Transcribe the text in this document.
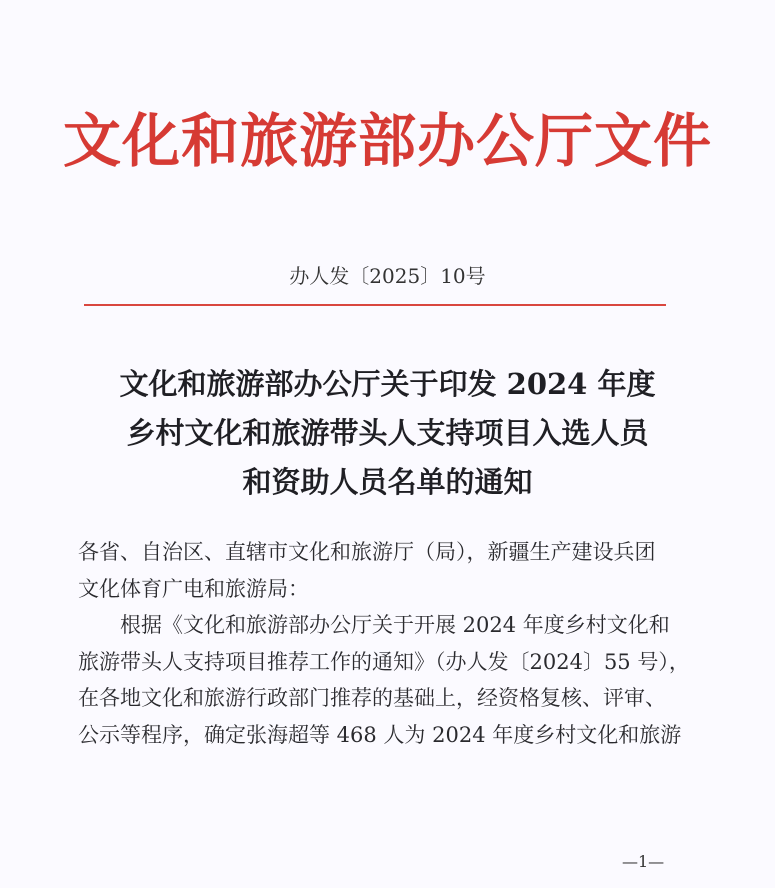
文化和旅游部办公厅文件
办人发〔2025〕10号
文化和旅游部办公厅关于印发 2024 年度
乡村文化和旅游带头人支持项目入选人员
和资助人员名单的通知
各省、自治区、直辖市文化和旅游厅（局），新疆生产建设兵团
文化体育广电和旅游局：
　　根据《文化和旅游部办公厅关于开展 2024 年度乡村文化和
旅游带头人支持项目推荐工作的通知》（办人发〔2024〕55 号），
在各地文化和旅游行政部门推荐的基础上，经资格复核、评审、
公示等程序，确定张海超等 468 人为 2024 年度乡村文化和旅游
—1—
